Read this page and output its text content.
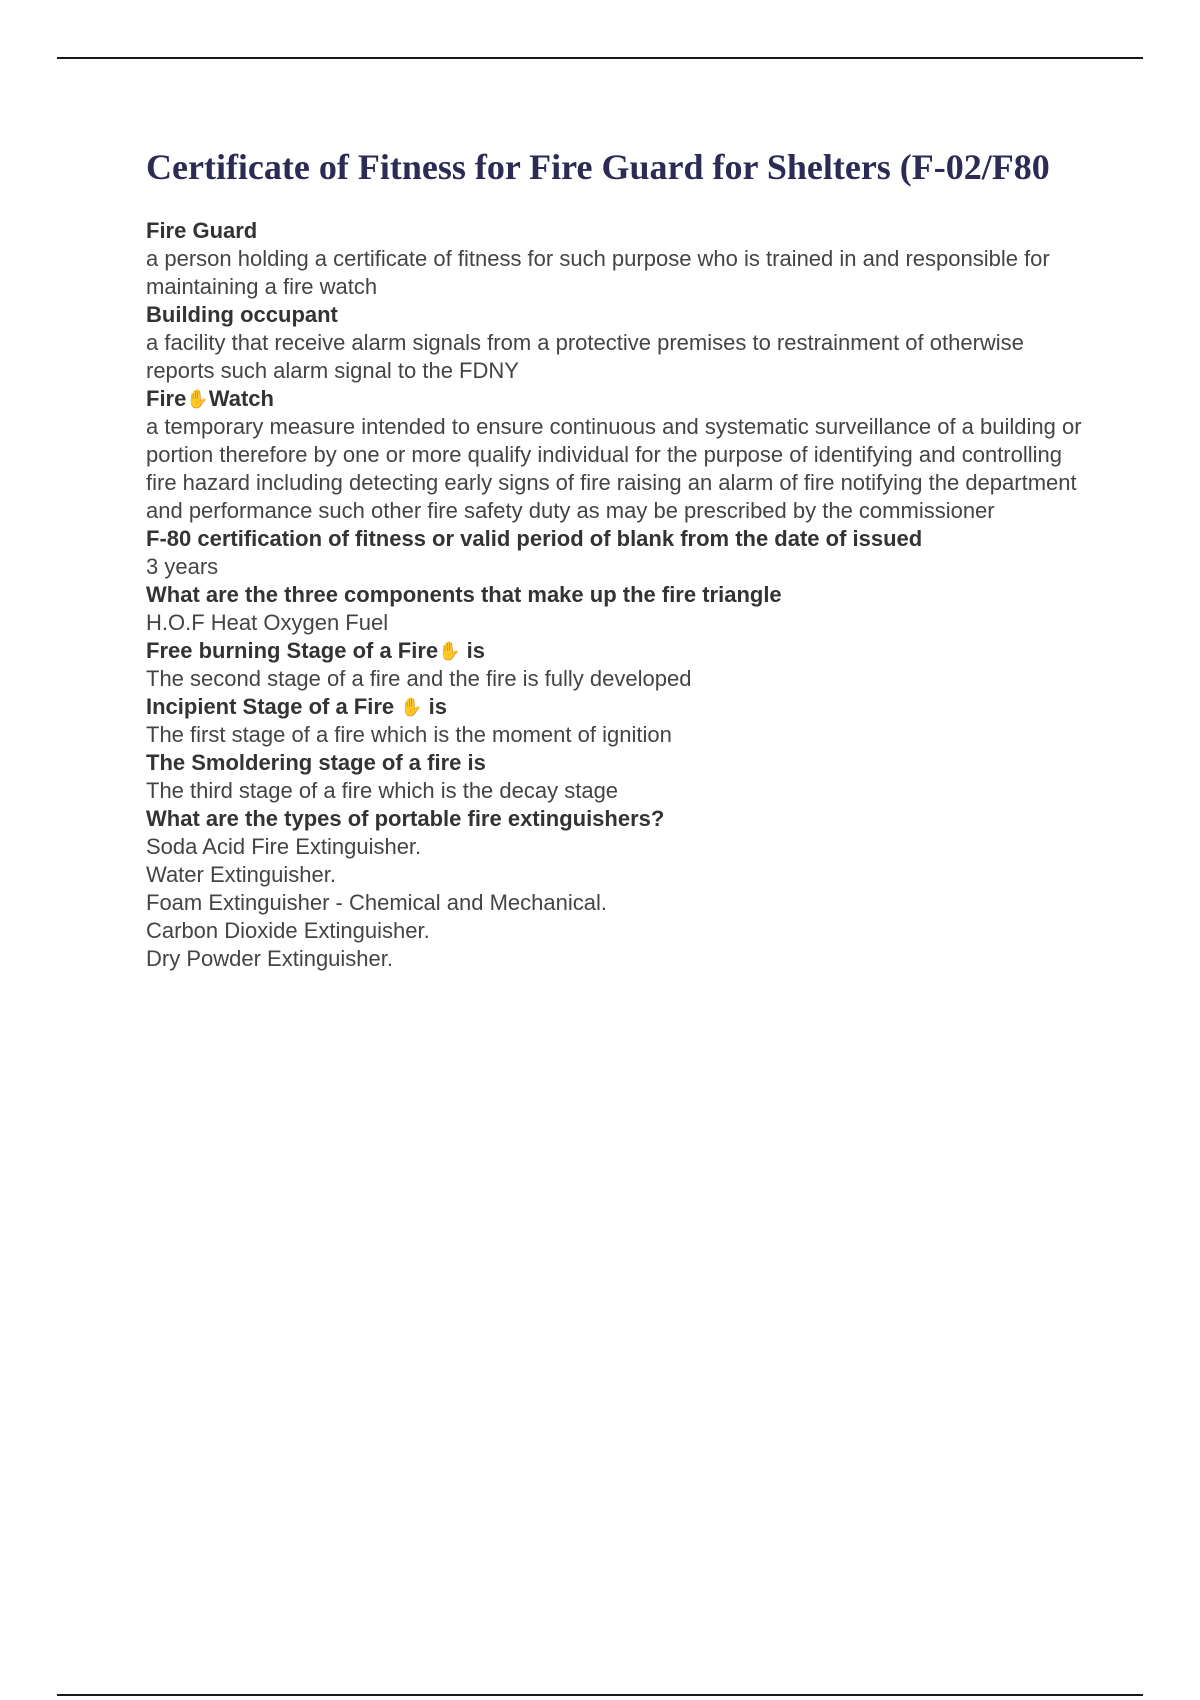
Certificate of Fitness for Fire Guard for Shelters (F-02/F80

Fire Guard
a person holding a certificate of fitness for such purpose who is trained in and responsible for maintaining a fire watch

Building occupant
a facility that receive alarm signals from a protective premises to restrainment of otherwise reports such alarm signal to the FDNY

Fire✋Watch
a temporary measure intended to ensure continuous and systematic surveillance of a building or portion therefore by one or more qualify individual for the purpose of identifying and controlling fire hazard including detecting early signs of fire raising an alarm of fire notifying the department and performance such other fire safety duty as may be prescribed by the commissioner

F-80 certification of fitness or valid period of blank from the date of issued
3 years

What are the three components that make up the fire triangle
H.O.F Heat Oxygen Fuel

Free burning Stage of a Fire✋ is
The second stage of a fire and the fire is fully developed

Incipient Stage of a Fire ✋ is
The first stage of a fire which is the moment of ignition

The Smoldering stage of a fire is
The third stage of a fire which is the decay stage

What are the types of portable fire extinguishers?
Soda Acid Fire Extinguisher.
Water Extinguisher.
Foam Extinguisher - Chemical and Mechanical.
Carbon Dioxide Extinguisher.
Dry Powder Extinguisher.
